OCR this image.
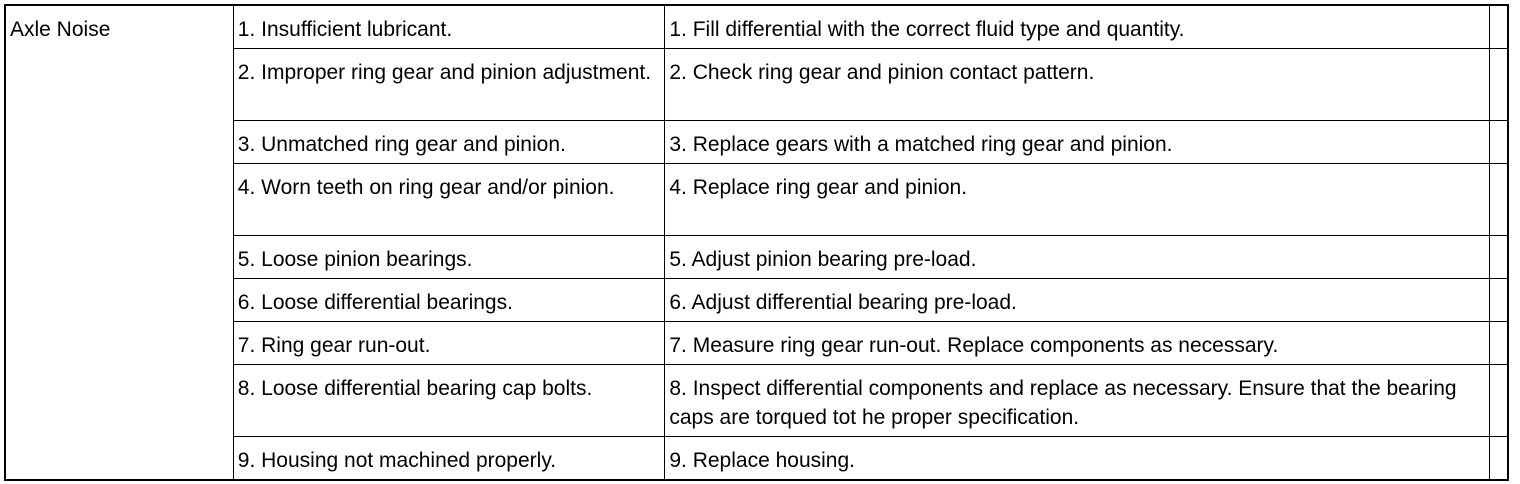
Axle Noise	1. Insufficient lubricant.	1. Fill differential with the correct fluid type and quantity.	
	2. Improper ring gear and pinion adjustment.	2. Check ring gear and pinion contact pattern.	
	3. Unmatched ring gear and pinion.	3. Replace gears with a matched ring gear and pinion.	
	4. Worn teeth on ring gear and/or pinion.	4. Replace ring gear and pinion.	
	5. Loose pinion bearings.	5. Adjust pinion bearing pre-load.	
	6. Loose differential bearings.	6. Adjust differential bearing pre-load.	
	7. Ring gear run-out.	7. Measure ring gear run-out. Replace components as necessary.	
	8. Loose differential bearing cap bolts.	8. Inspect differential components and replace as necessary. Ensure that the bearing caps are torqued tot he proper specification.	
	9. Housing not machined properly.	9. Replace housing.	
